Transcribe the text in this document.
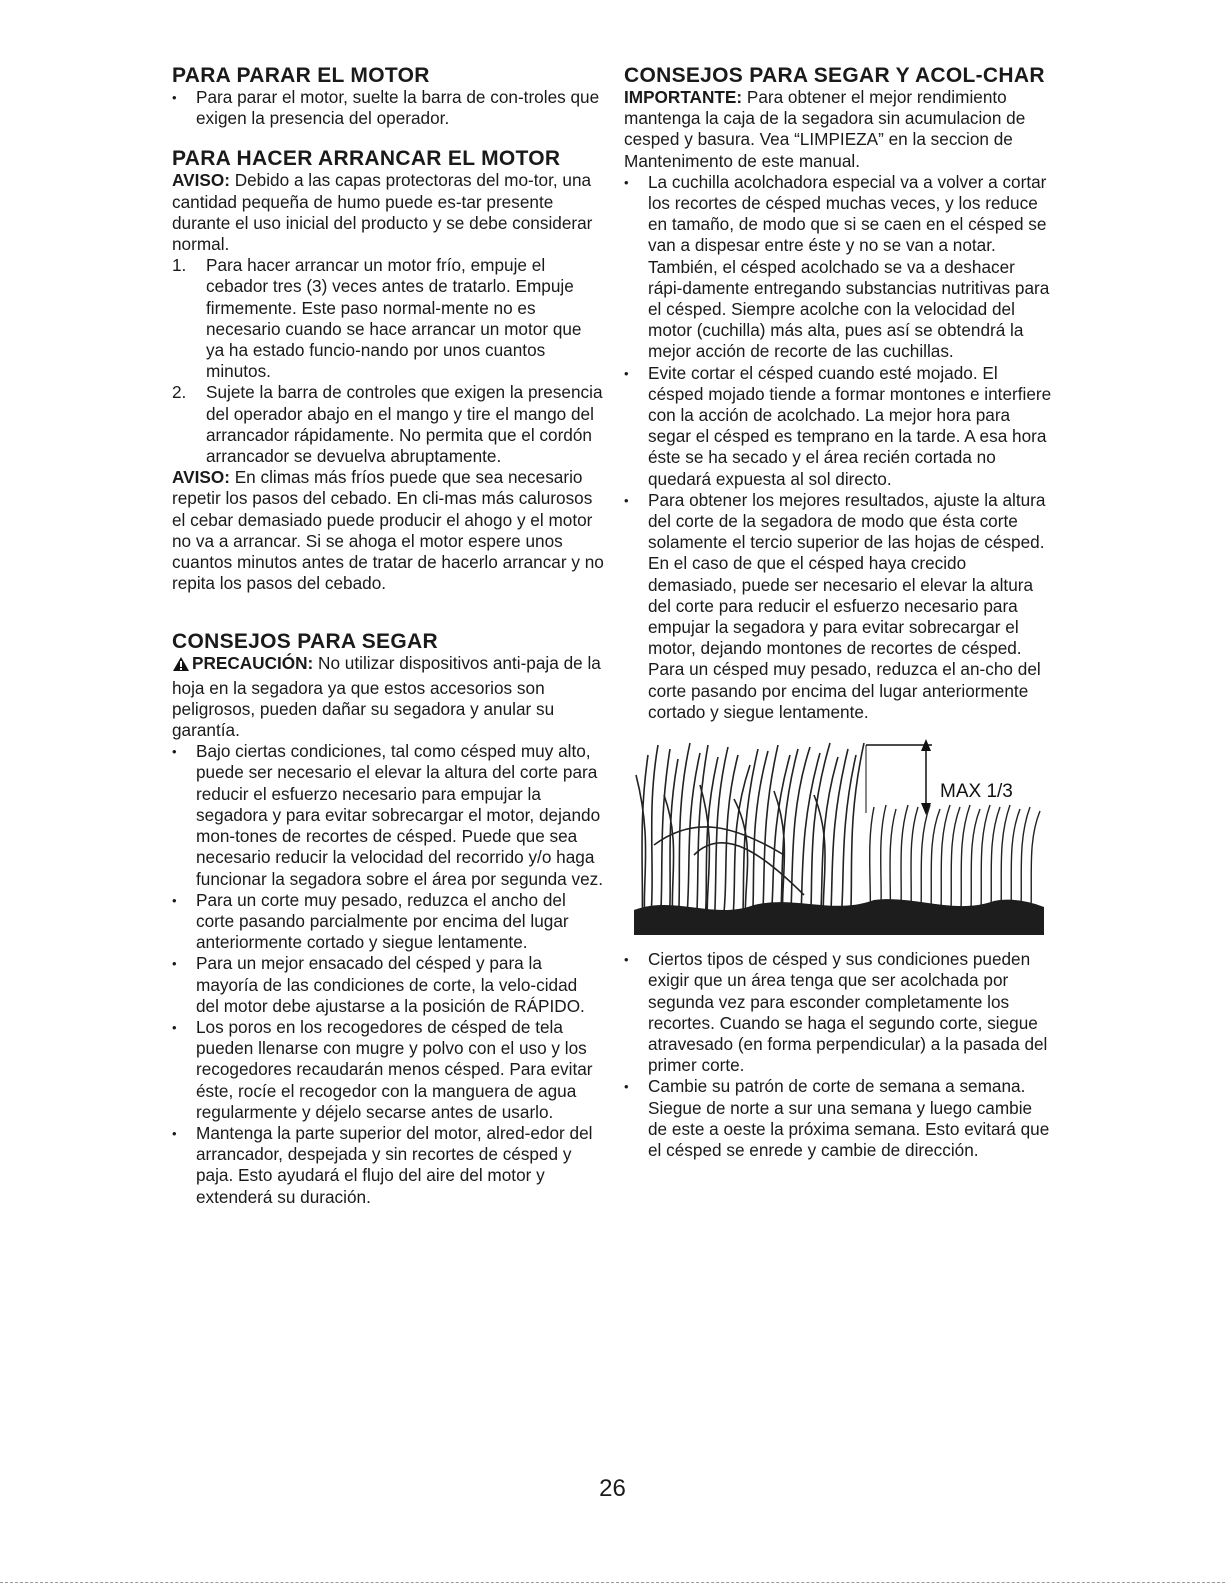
PARA PARAR EL MOTOR
• Para parar el motor, suelte la barra de con-troles que exigen la presencia del operador.
PARA HACER ARRANCAR EL MOTOR

AVISO: Debido a las capas protectoras del mo-tor, una cantidad pequeña de humo puede es-tar presente durante el uso inicial del producto y se debe considerar normal.

1. Para hacer arrancar un motor frío, empuje el cebador tres (3) veces antes de tratarlo. Empuje firmemente. Este paso normal-mente no es necesario cuando se hace arrancar un motor que ya ha estado funcio-nando por unos cuantos minutos.
2. Sujete la barra de controles que exigen la presencia del operador abajo en el mango y tire el mango del arrancador rápidamente. No permita que el cordón arrancador se devuelva abruptamente.

AVISO: En climas más fríos puede que sea necesario repetir los pasos del cebado. En cli-mas más calurosos el cebar demasiado puede producir el ahogo y el motor no va a arrancar. Si se ahoga el motor espere unos cuantos minutos antes de tratar de hacerlo arrancar y no repita los pasos del cebado.

CONSEJOS PARA SEGAR

PRECAUCIÓN: No utilizar dispositivos anti-paja de la hoja en la segadora ya que estos accesorios son peligrosos, pueden dañar su segadora y anular su garantía.

• Bajo ciertas condiciones, tal como césped muy alto, puede ser necesario el elevar la altura del corte para reducir el esfuerzo necesario para empujar la segadora y para evitar sobrecargar el motor, dejando mon-tones de recortes de césped. Puede que sea necesario reducir la velocidad del recorrido y/o haga funcionar la segadora sobre el área por segunda vez.
• Para un corte muy pesado, reduzca el ancho del corte pasando parcialmente por encima del lugar anteriormente cortado y siegue lentamente.
• Para un mejor ensacado del césped y para la mayoría de las condiciones de corte, la velo-cidad del motor debe ajustarse a la posición de RÁPIDO.
• Los poros en los recogedores de césped de tela pueden llenarse con mugre y polvo con el uso y los recogedores recaudarán menos césped. Para evitar éste, rocíe el recogedor con la manguera de agua regularmente y déjelo secarse antes de usarlo.
• Mantenga la parte superior del motor, alred-edor del arrancador, despejada y sin recortes de césped y paja. Esto ayudará el flujo del aire del motor y extenderá su duración.
CONSEJOS PARA SEGAR Y ACOL-CHAR

IMPORTANTE: Para obtener el mejor rendimiento mantenga la caja de la segadora sin acumulacion de cesped y basura. Vea “LIMPIEZA” en la seccion de Mantenimento de este manual.

• La cuchilla acolchadora especial va a volver a cortar los recortes de césped muchas veces, y los reduce en tamaño, de modo que si se caen en el césped se van a dispesar entre éste y no se van a notar. También, el césped acolchado se va a deshacer rápi-damente entregando substancias nutritivas para el césped. Siempre acolche con la velocidad del motor (cuchilla) más alta, pues así se obtendrá la mejor acción de recorte de las cuchillas.
• Evite cortar el césped cuando esté mojado. El césped mojado tiende a formar montones e interfiere con la acción de acolchado. La mejor hora para segar el césped es temprano en la tarde. A esa hora éste se ha secado y el área recién cortada no quedará expuesta al sol directo.
• Para obtener los mejores resultados, ajuste la altura del corte de la segadora de modo que ésta corte solamente el tercio superior de las hojas de césped. En el caso de que el césped haya crecido demasiado, puede ser necesario el elevar la altura del corte para reducir el esfuerzo necesario para empujar la segadora y para evitar sobrecargar el motor, dejando montones de recortes de césped. Para un césped muy pesado, reduzca el an-cho del corte pasando por encima del lugar anteriormente cortado y siegue lentamente.
MAX 1/3
• Ciertos tipos de césped y sus condiciones pueden exigir que un área tenga que ser acolchada por segunda vez para esconder completamente los recortes. Cuando se haga el segundo corte, siegue atravesado (en forma perpendicular) a la pasada del primer corte.
• Cambie su patrón de corte de semana a semana. Siegue de norte a sur una semana y luego cambie de este a oeste la próxima semana. Esto evitará que el césped se enrede y cambie de dirección.
26
